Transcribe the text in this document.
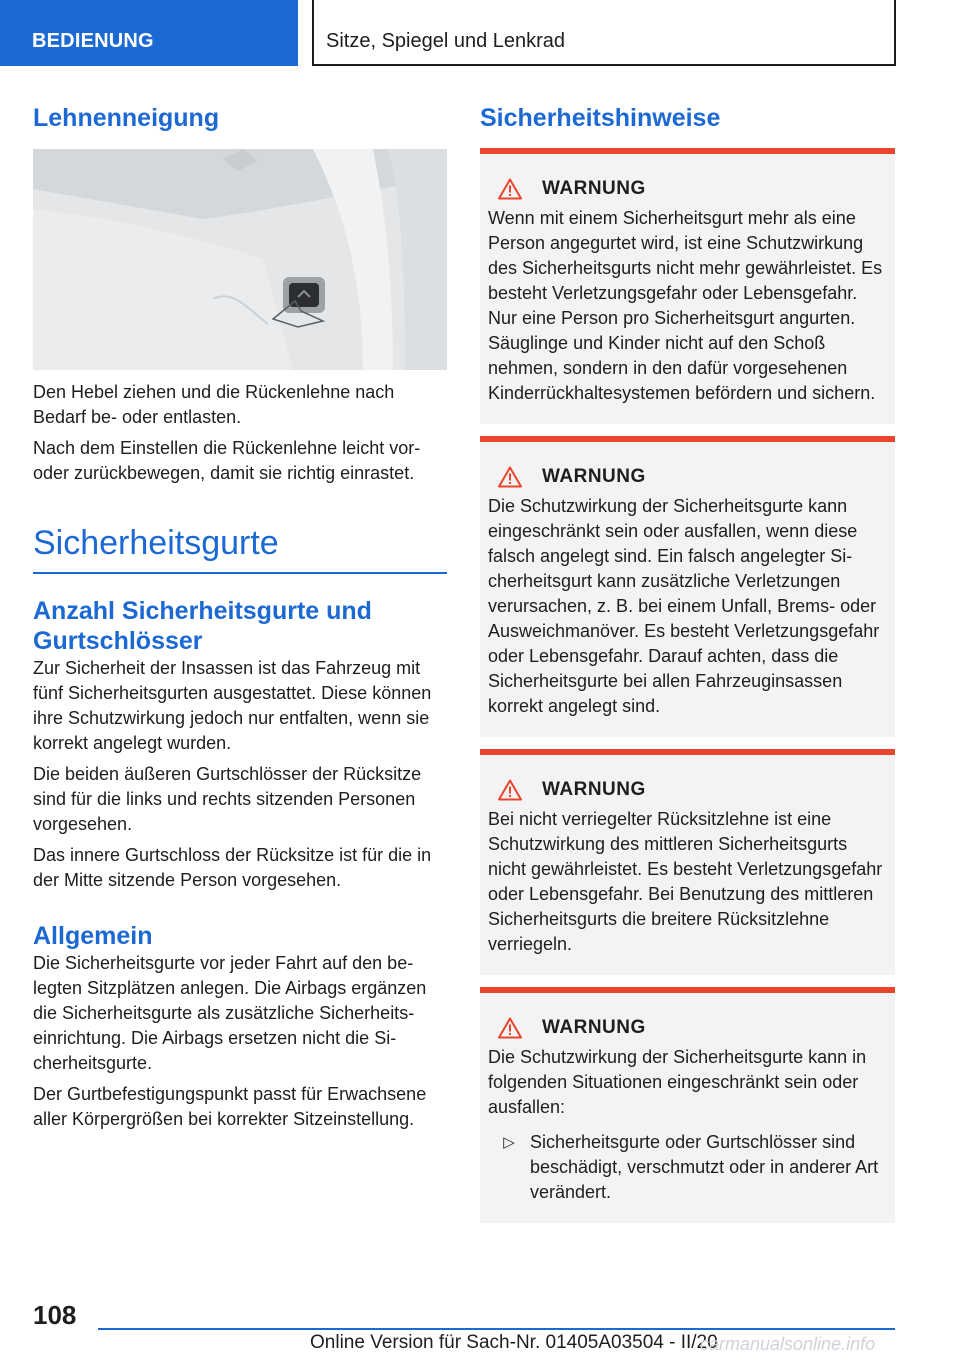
BEDIENUNG	Sitze, Spiegel und Lenkrad
Lehnenneigung

Den Hebel ziehen und die Rückenlehne nach Bedarf be- oder entlasten.

Nach dem Einstellen die Rückenlehne leicht vor- oder zurückbewegen, damit sie richtig einrastet.

Sicherheitsgurte
Anzahl Sicherheitsgurte und Gurtschlösser

Zur Sicherheit der Insassen ist das Fahrzeug mit fünf Sicherheitsgurten ausgestattet. Diese können ihre Schutzwirkung jedoch nur entfalten, wenn sie korrekt angelegt wurden.

Die beiden äußeren Gurtschlösser der Rücksitze sind für die links und rechts sitzenden Personen vorgesehen.

Das innere Gurtschloss der Rücksitze ist für die in der Mitte sitzende Person vorgesehen.

Allgemein

Die Sicherheitsgurte vor jeder Fahrt auf den belegten Sitzplätzen anlegen. Die Airbags ergänzen die Sicherheitsgurte als zusätzliche Sicherheitseinrichtung. Die Airbags ersetzen nicht die Sicherheitsgurte.

Der Gurtbefestigungspunkt passt für Erwachsene aller Körpergrößen bei korrekter Sitzeinstellung.

Sicherheitshinweise
WARNUNG

Wenn mit einem Sicherheitsgurt mehr als eine Person angegurtet wird, ist eine Schutzwirkung des Sicherheitsgurts nicht mehr gewährleistet. Es besteht Verletzungsgefahr oder Lebensgefahr. Nur eine Person pro Sicherheitsgurt angurten. Säuglinge und Kinder nicht auf den Schoß nehmen, sondern in den dafür vorgesehenen Kinderrückhaltesystemen befördern und sichern.

WARNUNG

Die Schutzwirkung der Sicherheitsgurte kann eingeschränkt sein oder ausfallen, wenn diese falsch angelegt sind. Ein falsch angelegter Sicherheitsgurt kann zusätzliche Verletzungen verursachen, z. B. bei einem Unfall, Brems- oder Ausweichmanöver. Es besteht Verletzungsgefahr oder Lebensgefahr. Darauf achten, dass die Sicherheitsgurte bei allen Fahrzeuginsassen korrekt angelegt sind.

WARNUNG

Bei nicht verriegelter Rücksitzlehne ist eine Schutzwirkung des mittleren Sicherheitsgurts nicht gewährleistet. Es besteht Verletzungsgefahr oder Lebensgefahr. Bei Benutzung des mittleren Sicherheitsgurts die breitere Rücksitzlehne verriegeln.

WARNUNG

Die Schutzwirkung der Sicherheitsgurte kann in folgenden Situationen eingeschränkt sein oder ausfallen:

▷ Sicherheitsgurte oder Gurtschlösser sind beschädigt, verschmutzt oder in anderer Art verändert.
108
Online Version für Sach-Nr. 01405A03504 - II/20
carmanualsonline.info
